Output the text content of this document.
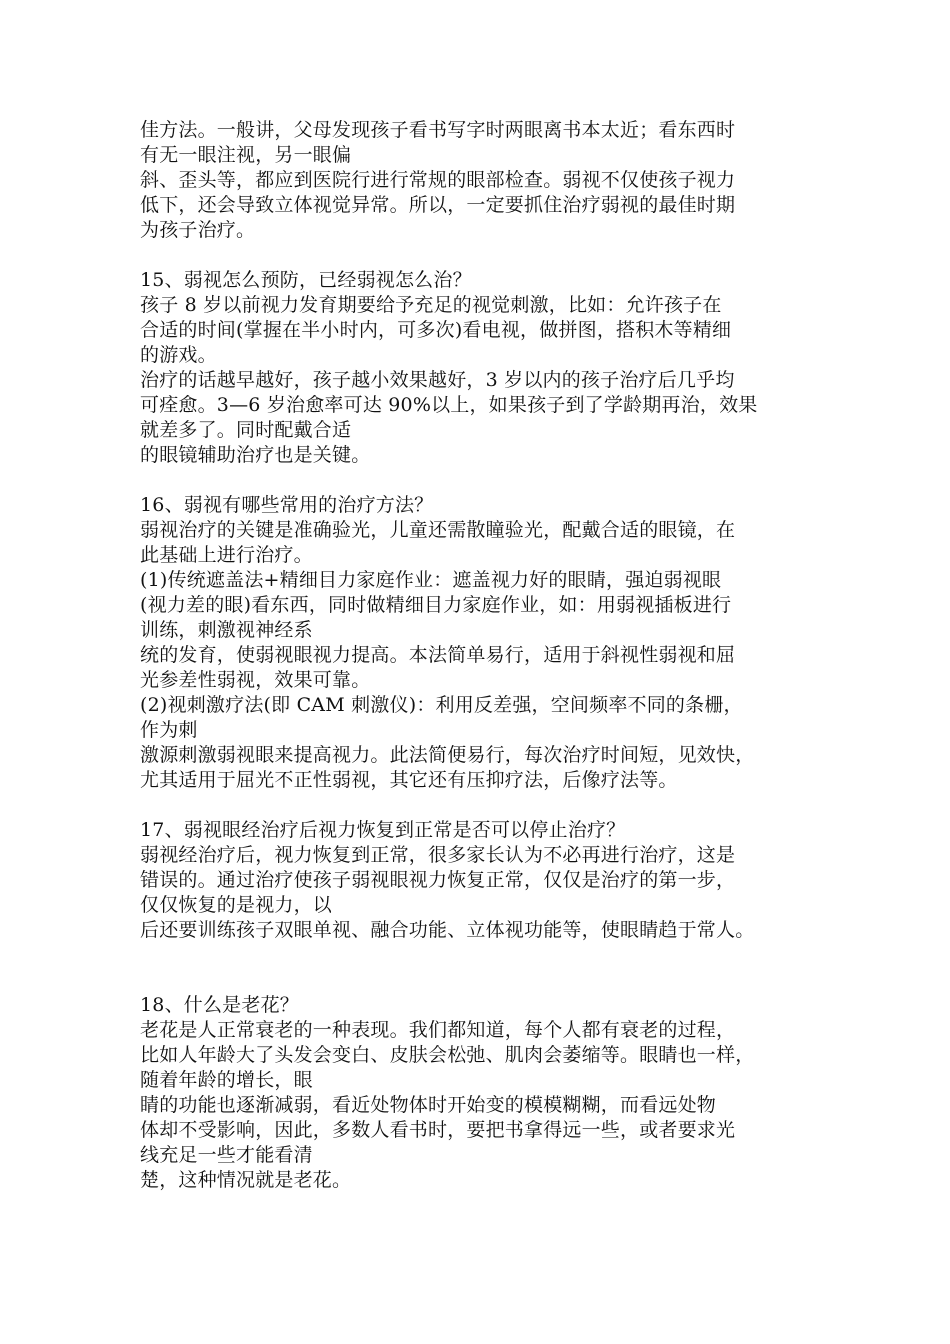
佳方法。一般讲，父母发现孩子看书写字时两眼离书本太近；看东西时
有无一眼注视，另一眼偏
斜、歪头等，都应到医院行进行常规的眼部检查。弱视不仅使孩子视力
低下，还会导致立体视觉异常。所以，一定要抓住治疗弱视的最佳时期
为孩子治疗。
15、弱视怎么预防，已经弱视怎么治？
孩子 8 岁以前视力发育期要给予充足的视觉刺激，比如：允许孩子在
合适的时间(掌握在半小时内，可多次)看电视，做拼图，搭积木等精细
的游戏。
治疗的话越早越好，孩子越小效果越好，3 岁以内的孩子治疗后几乎均
可痊愈。3—6 岁治愈率可达 90%以上，如果孩子到了学龄期再治，效果
就差多了。同时配戴合适
的眼镜辅助治疗也是关键。
16、弱视有哪些常用的治疗方法？
弱视治疗的关键是准确验光，儿童还需散瞳验光，配戴合适的眼镜，在
此基础上进行治疗。
(1)传统遮盖法+精细目力家庭作业：遮盖视力好的眼睛，强迫弱视眼
(视力差的眼)看东西，同时做精细目力家庭作业，如：用弱视插板进行
训练，刺激视神经系
统的发育，使弱视眼视力提高。本法简单易行，适用于斜视性弱视和屈
光参差性弱视，效果可靠。
(2)视刺激疗法(即 CAM 刺激仪)：利用反差强，空间频率不同的条栅，
作为刺
激源刺激弱视眼来提高视力。此法简便易行，每次治疗时间短，见效快，
尤其适用于屈光不正性弱视，其它还有压抑疗法，后像疗法等。
17、弱视眼经治疗后视力恢复到正常是否可以停止治疗？
弱视经治疗后，视力恢复到正常，很多家长认为不必再进行治疗，这是
错误的。通过治疗使孩子弱视眼视力恢复正常，仅仅是治疗的第一步，
仅仅恢复的是视力，以
后还要训练孩子双眼单视、融合功能、立体视功能等，使眼睛趋于常人。
18、什么是老花？
老花是人正常衰老的一种表现。我们都知道，每个人都有衰老的过程，
比如人年龄大了头发会变白、皮肤会松弛、肌肉会萎缩等。眼睛也一样，
随着年龄的增长，眼
睛的功能也逐渐减弱，看近处物体时开始变的模模糊糊，而看远处物
体却不受影响，因此，多数人看书时，要把书拿得远一些，或者要求光
线充足一些才能看清
楚，这种情况就是老花。
